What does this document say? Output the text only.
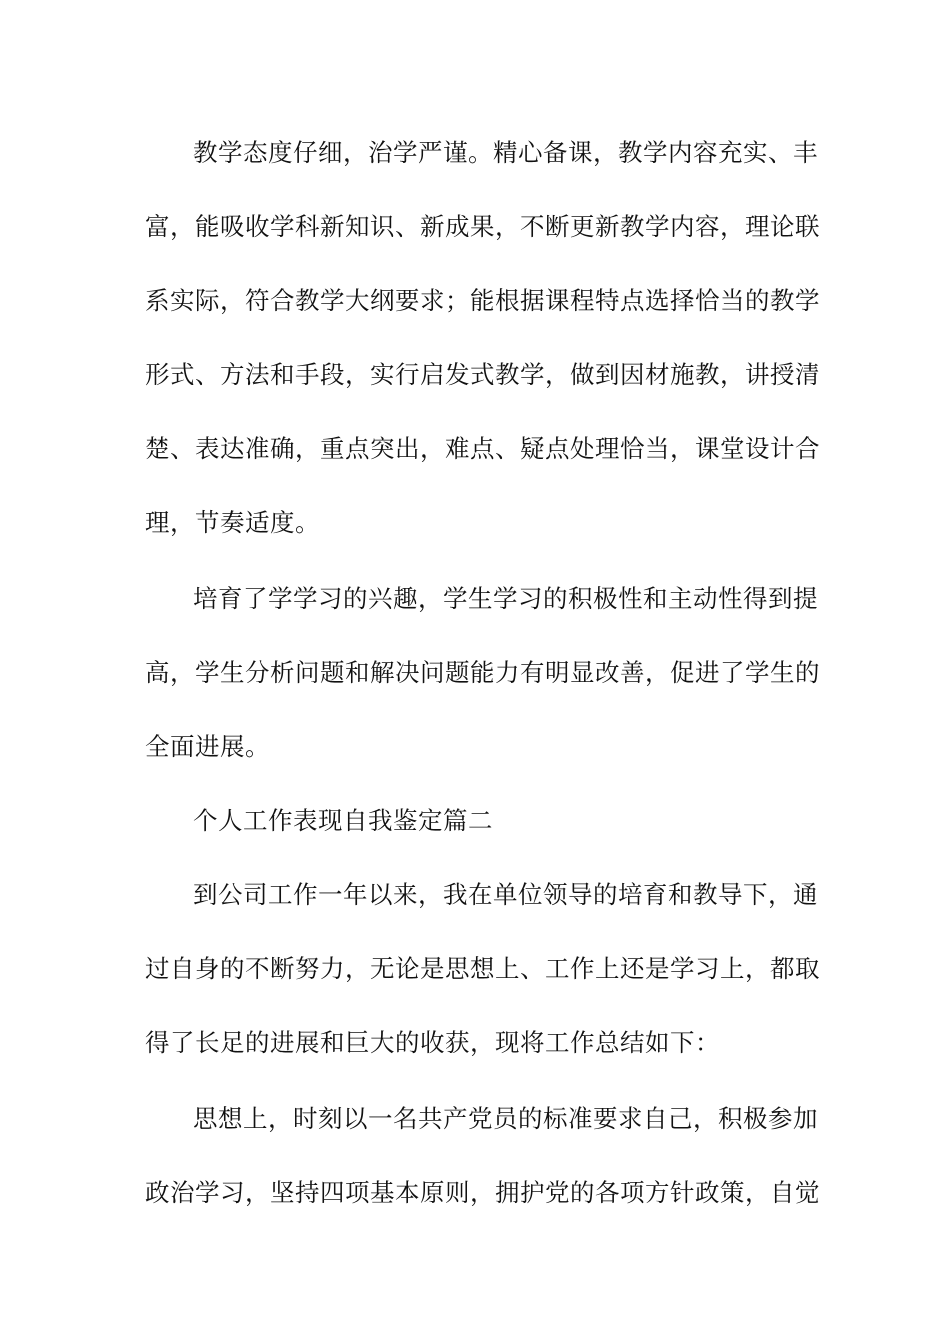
教学态度仔细，治学严谨。精心备课，教学内容充实、丰
富，能吸收学科新知识、新成果，不断更新教学内容，理论联
系实际，符合教学大纲要求；能根据课程特点选择恰当的教学
形式、方法和手段，实行启发式教学，做到因材施教，讲授清
楚、表达准确，重点突出，难点、疑点处理恰当，课堂设计合
理，节奏适度。
培育了学学习的兴趣，学生学习的积极性和主动性得到提
高，学生分析问题和解决问题能力有明显改善，促进了学生的
全面进展。
个人工作表现自我鉴定篇二
到公司工作一年以来，我在单位领导的培育和教导下，通
过自身的不断努力，无论是思想上、工作上还是学习上，都取
得了长足的进展和巨大的收获，现将工作总结如下：
思想上，时刻以一名共产党员的标准要求自己，积极参加
政治学习，坚持四项基本原则，拥护党的各项方针政策，自觉
